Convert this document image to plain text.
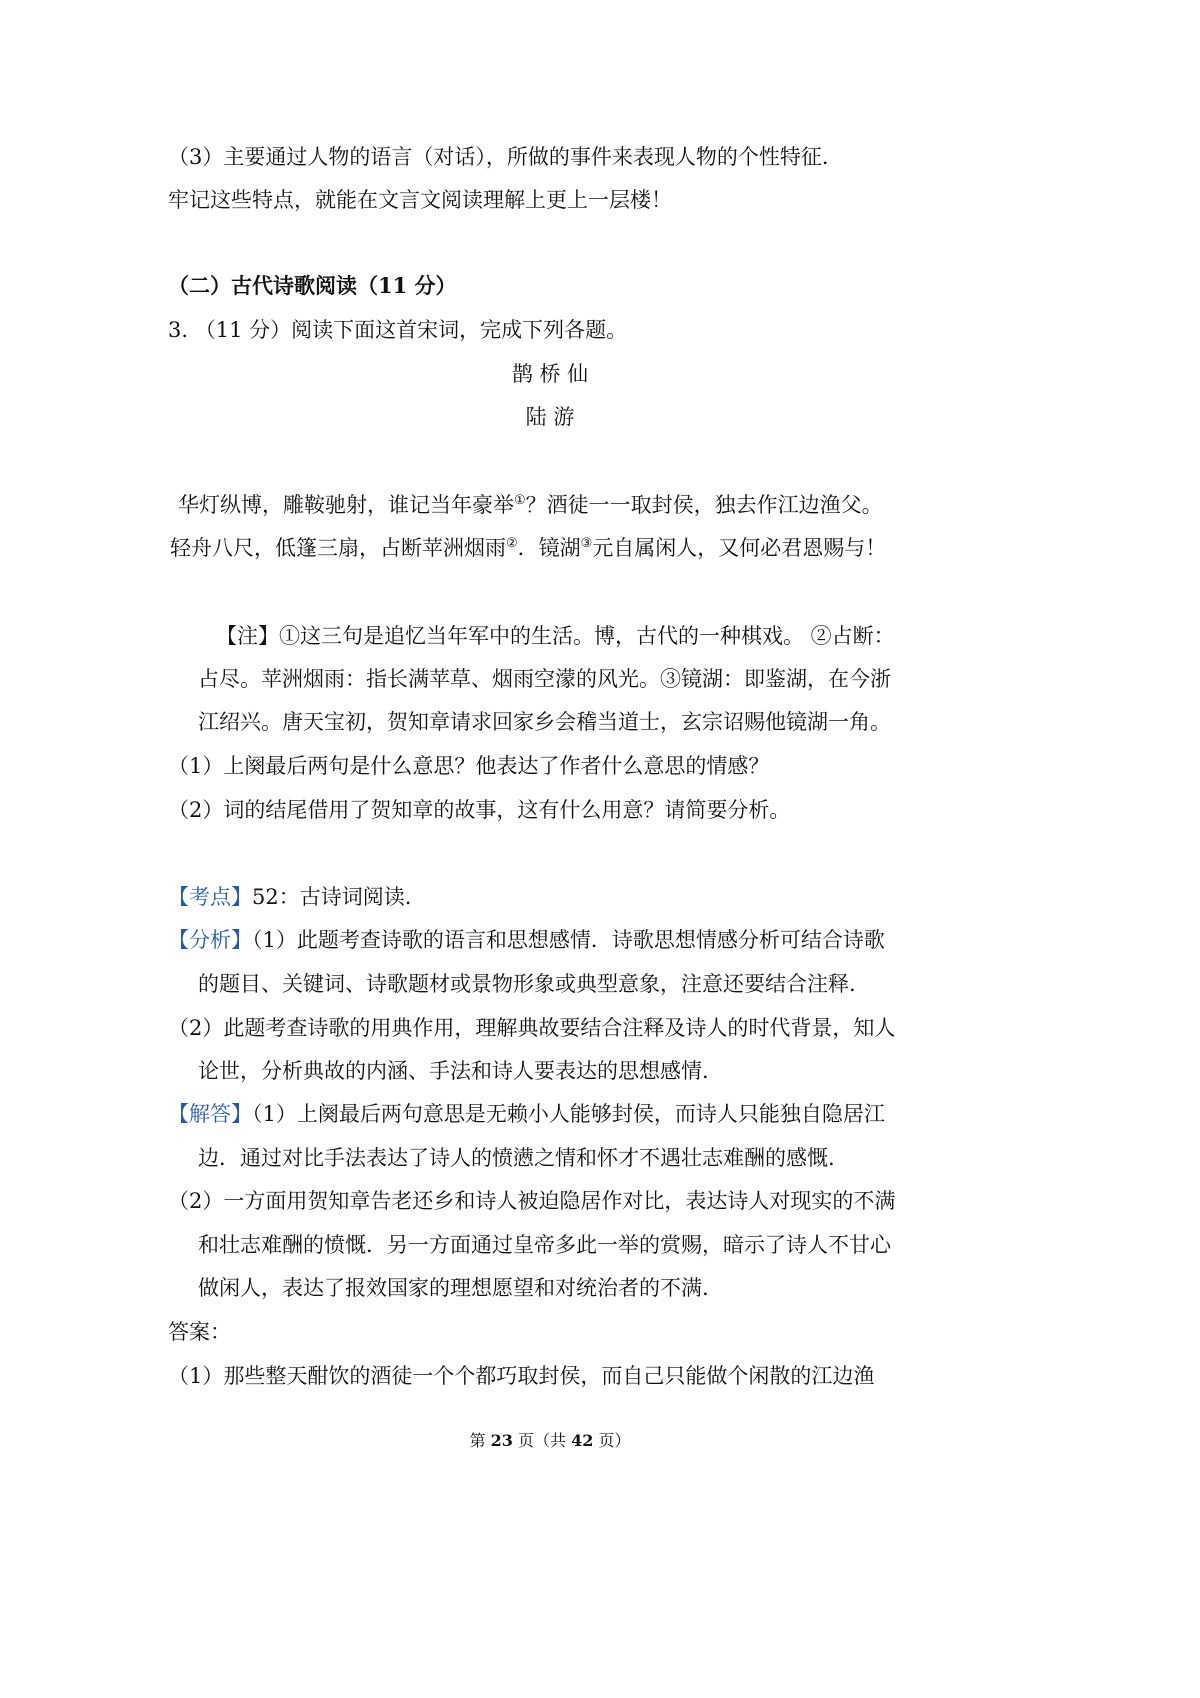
（3）主要通过人物的语言（对话），所做的事件来表现人物的个性特征.
牢记这些特点，就能在文言文阅读理解上更上一层楼！
（二）古代诗歌阅读（11 分）
3. （11 分）阅读下面这首宋词，完成下列各题。
鹊 桥 仙
陆 游
华灯纵博，雕鞍驰射，谁记当年豪举①？酒徒一一取封侯，独去作江边渔父。
轻舟八尺，低篷三扇，占断苹洲烟雨②．镜湖③元自属闲人，又何必君恩赐与！
【注】①这三句是追忆当年军中的生活。博，古代的一种棋戏。 ②占断：
占尽。苹洲烟雨：指长满苹草、烟雨空濛的风光。③镜湖：即鉴湖，在今浙
江绍兴。唐天宝初，贺知章请求回家乡会稽当道士，玄宗诏赐他镜湖一角。
（1）上阕最后两句是什么意思？他表达了作者什么意思的情感？
（2）词的结尾借用了贺知章的故事，这有什么用意？请简要分析。
【考点】52：古诗词阅读.
【分析】（1）此题考查诗歌的语言和思想感情．诗歌思想情感分析可结合诗歌
的题目、关键词、诗歌题材或景物形象或典型意象，注意还要结合注释.
（2）此题考查诗歌的用典作用，理解典故要结合注释及诗人的时代背景，知人
论世，分析典故的内涵、手法和诗人要表达的思想感情.
【解答】（1）上阕最后两句意思是无赖小人能够封侯，而诗人只能独自隐居江
边．通过对比手法表达了诗人的愤懑之情和怀才不遇壮志难酬的感慨.
（2）一方面用贺知章告老还乡和诗人被迫隐居作对比，表达诗人对现实的不满
和壮志难酬的愤慨．另一方面通过皇帝多此一举的赏赐，暗示了诗人不甘心
做闲人，表达了报效国家的理想愿望和对统治者的不满.
答案：
（1）那些整天酣饮的酒徒一个个都巧取封侯，而自己只能做个闲散的江边渔
第 23 页（共 42 页）
